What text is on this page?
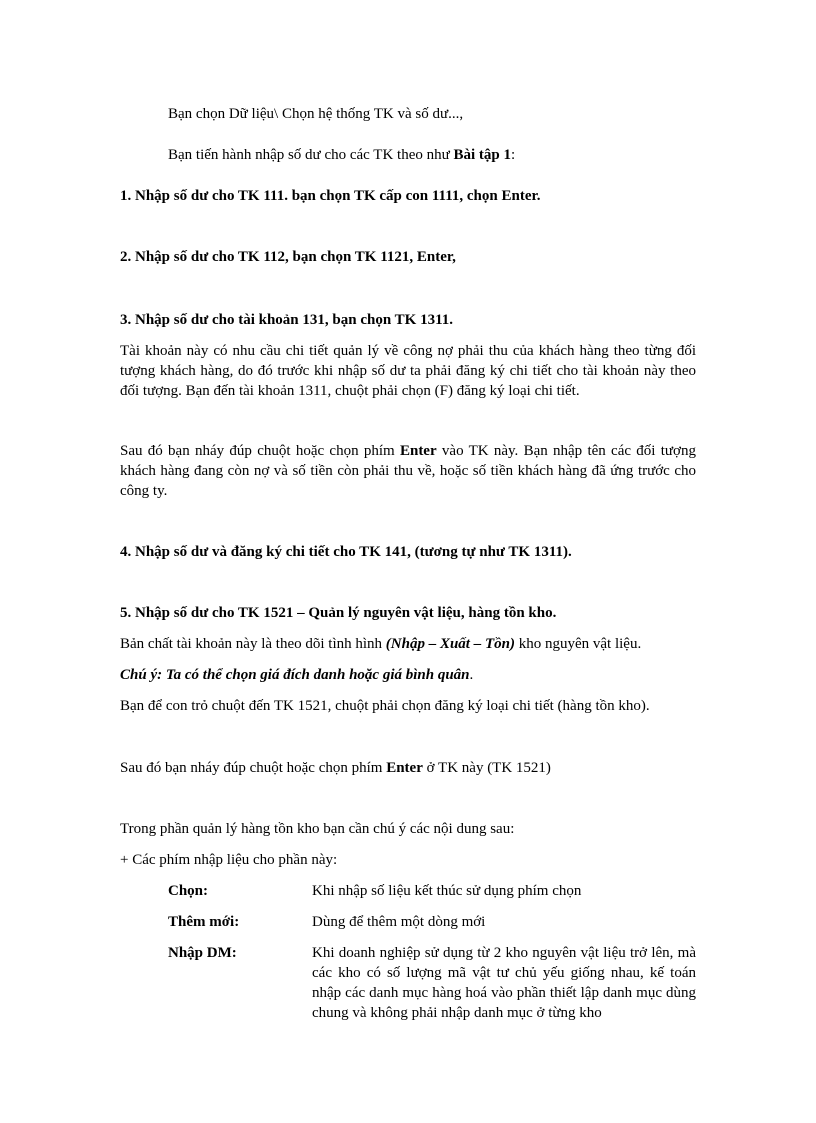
Bạn chọn Dữ liệu\ Chọn hệ thống TK và số dư...,
Bạn tiến hành nhập số dư cho các TK theo như Bài tập 1:
1. Nhập số dư cho TK 111. bạn chọn TK cấp con 1111, chọn Enter.
2. Nhập số dư cho TK 112, bạn chọn TK 1121, Enter,
3. Nhập số dư cho tài khoản 131, bạn chọn TK 1311.
Tài khoản này có nhu cầu chi tiết quản lý về công nợ phải thu của khách hàng theo từng đối tượng khách hàng, do đó trước khi nhập số dư ta phải đăng ký chi tiết cho tài khoản này theo đối tượng. Bạn đến tài khoản 1311, chuột phải chọn (F) đăng ký loại chi tiết.
Sau đó bạn nháy đúp chuột hoặc chọn phím Enter vào TK này. Bạn nhập tên các đối tượng khách hàng đang còn nợ và số tiền còn phải thu về, hoặc số tiền khách hàng đã ứng trước cho công ty.
4. Nhập số dư và đăng ký chi tiết cho TK 141, (tương tự như TK 1311).
5. Nhập số dư cho TK 1521 – Quản lý nguyên vật liệu, hàng tồn kho.
Bản chất tài khoản này là theo dõi tình hình (Nhập – Xuất – Tồn) kho nguyên vật liệu.
Chú ý: Ta có thể chọn giá đích danh hoặc giá bình quân.
Bạn để con trỏ chuột đến TK 1521, chuột phải chọn đăng ký loại chi tiết (hàng tồn kho).
Sau đó bạn nháy đúp chuột hoặc chọn phím Enter ở TK này (TK 1521)
Trong phần quản lý hàng tồn kho bạn cần chú ý các nội dung sau:
+ Các phím nhập liệu cho phần này:
Chọn:	Khi nhập số liệu kết thúc sử dụng phím chọn
Thêm mới:	Dùng để thêm một dòng mới
Nhập DM:	Khi doanh nghiệp sử dụng từ 2 kho nguyên vật liệu trở lên, mà các kho có số lượng mã vật tư chủ yếu giống nhau, kế toán nhập các danh mục hàng hoá vào phần thiết lập danh mục dùng chung và không phải nhập danh mục ở từng kho
